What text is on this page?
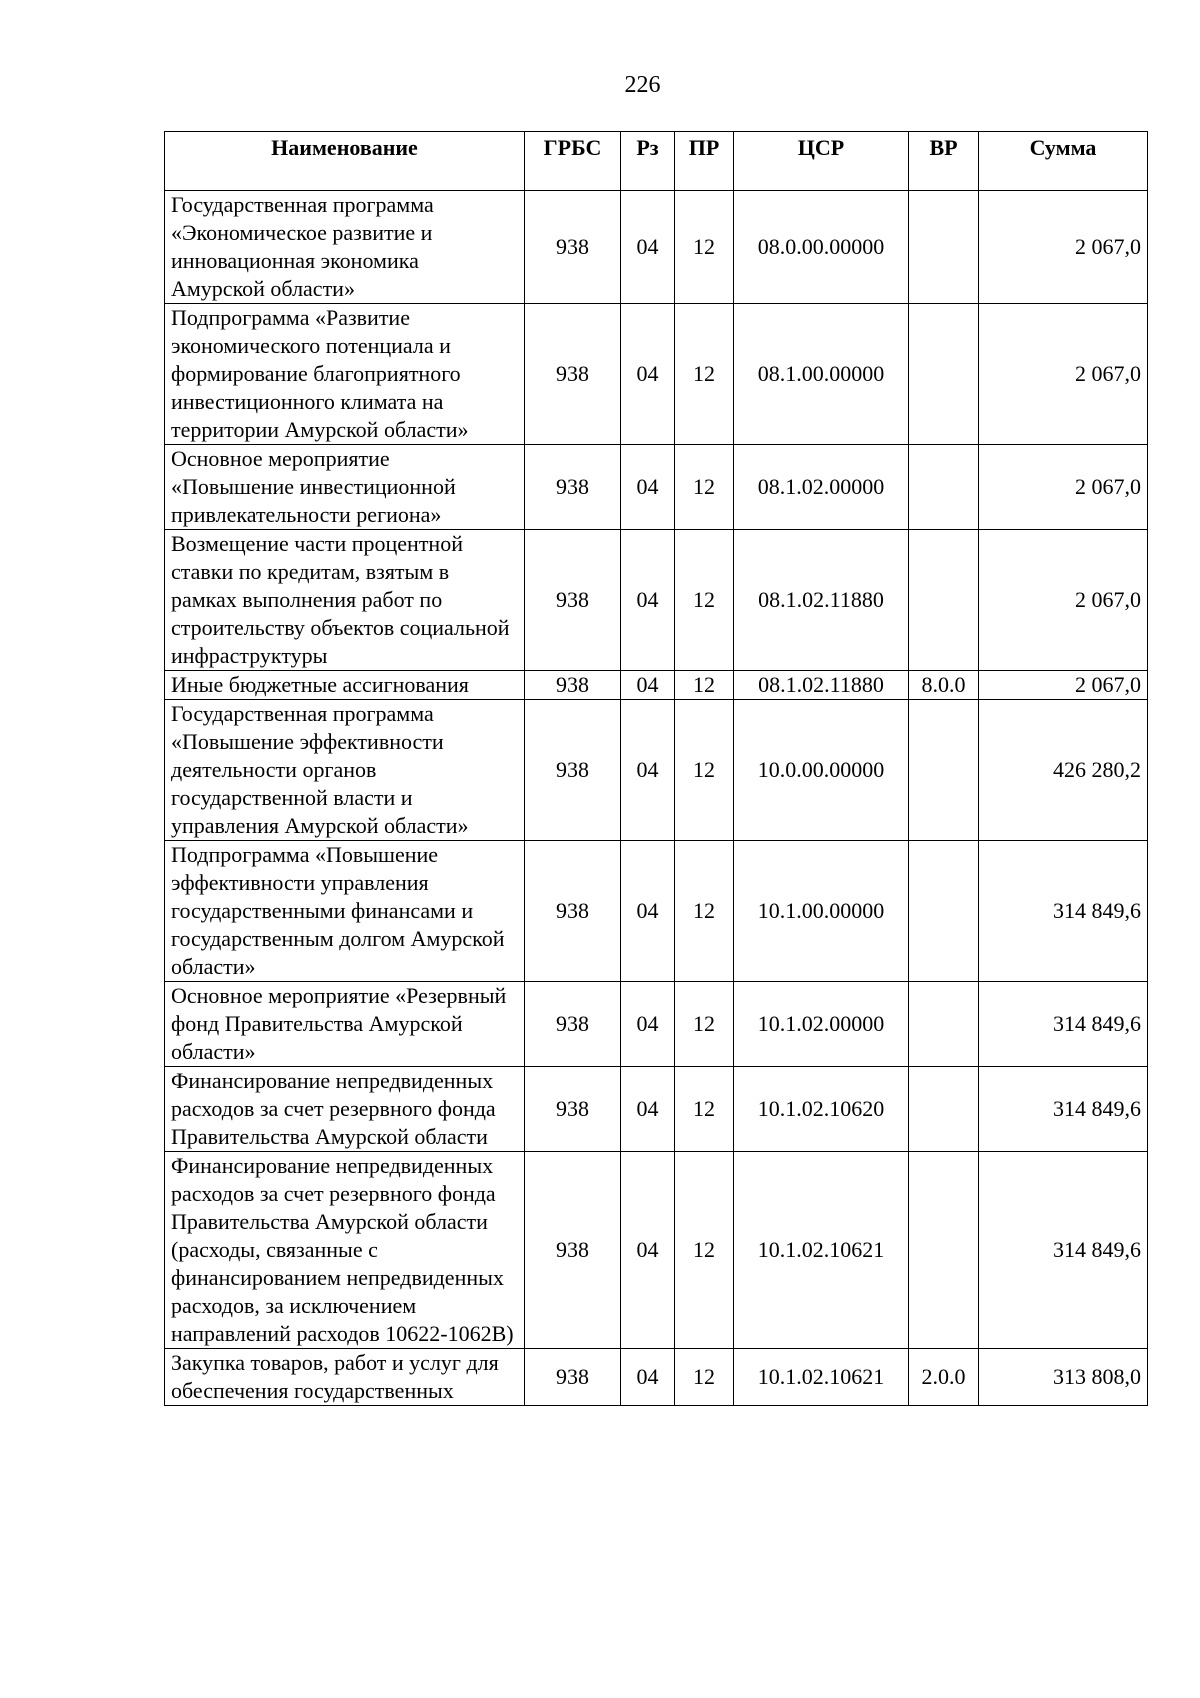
226
Наименование	ГРБС	Рз	ПР	ЦСР	ВР	Сумма
Государственная программа «Экономическое развитие и инновационная экономика Амурской области»	938	04	12	08.0.00.00000		2 067,0
Подпрограмма «Развитие экономического потенциала и формирование благоприятного инвестиционного климата на территории Амурской области»	938	04	12	08.1.00.00000		2 067,0
Основное мероприятие «Повышение инвестиционной привлекательности региона»	938	04	12	08.1.02.00000		2 067,0
Возмещение части процентной ставки по кредитам, взятым в рамках выполнения работ по строительству объектов социальной инфраструктуры	938	04	12	08.1.02.11880		2 067,0
Иные бюджетные ассигнования	938	04	12	08.1.02.11880	8.0.0	2 067,0
Государственная программа «Повышение эффективности деятельности органов государственной власти и управления Амурской области»	938	04	12	10.0.00.00000		426 280,2
Подпрограмма «Повышение эффективности управления государственными финансами и государственным долгом Амурской области»	938	04	12	10.1.00.00000		314 849,6
Основное мероприятие «Резервный фонд Правительства Амурской области»	938	04	12	10.1.02.00000		314 849,6
Финансирование непредвиденных расходов за счет резервного фонда Правительства Амурской области	938	04	12	10.1.02.10620		314 849,6
Финансирование непредвиденных расходов за счет резервного фонда Правительства Амурской области (расходы, связанные с финансированием непредвиденных расходов, за исключением направлений расходов 10622-1062В)	938	04	12	10.1.02.10621		314 849,6
Закупка товаров, работ и услуг для обеспечения государственных	938	04	12	10.1.02.10621	2.0.0	313 808,0
